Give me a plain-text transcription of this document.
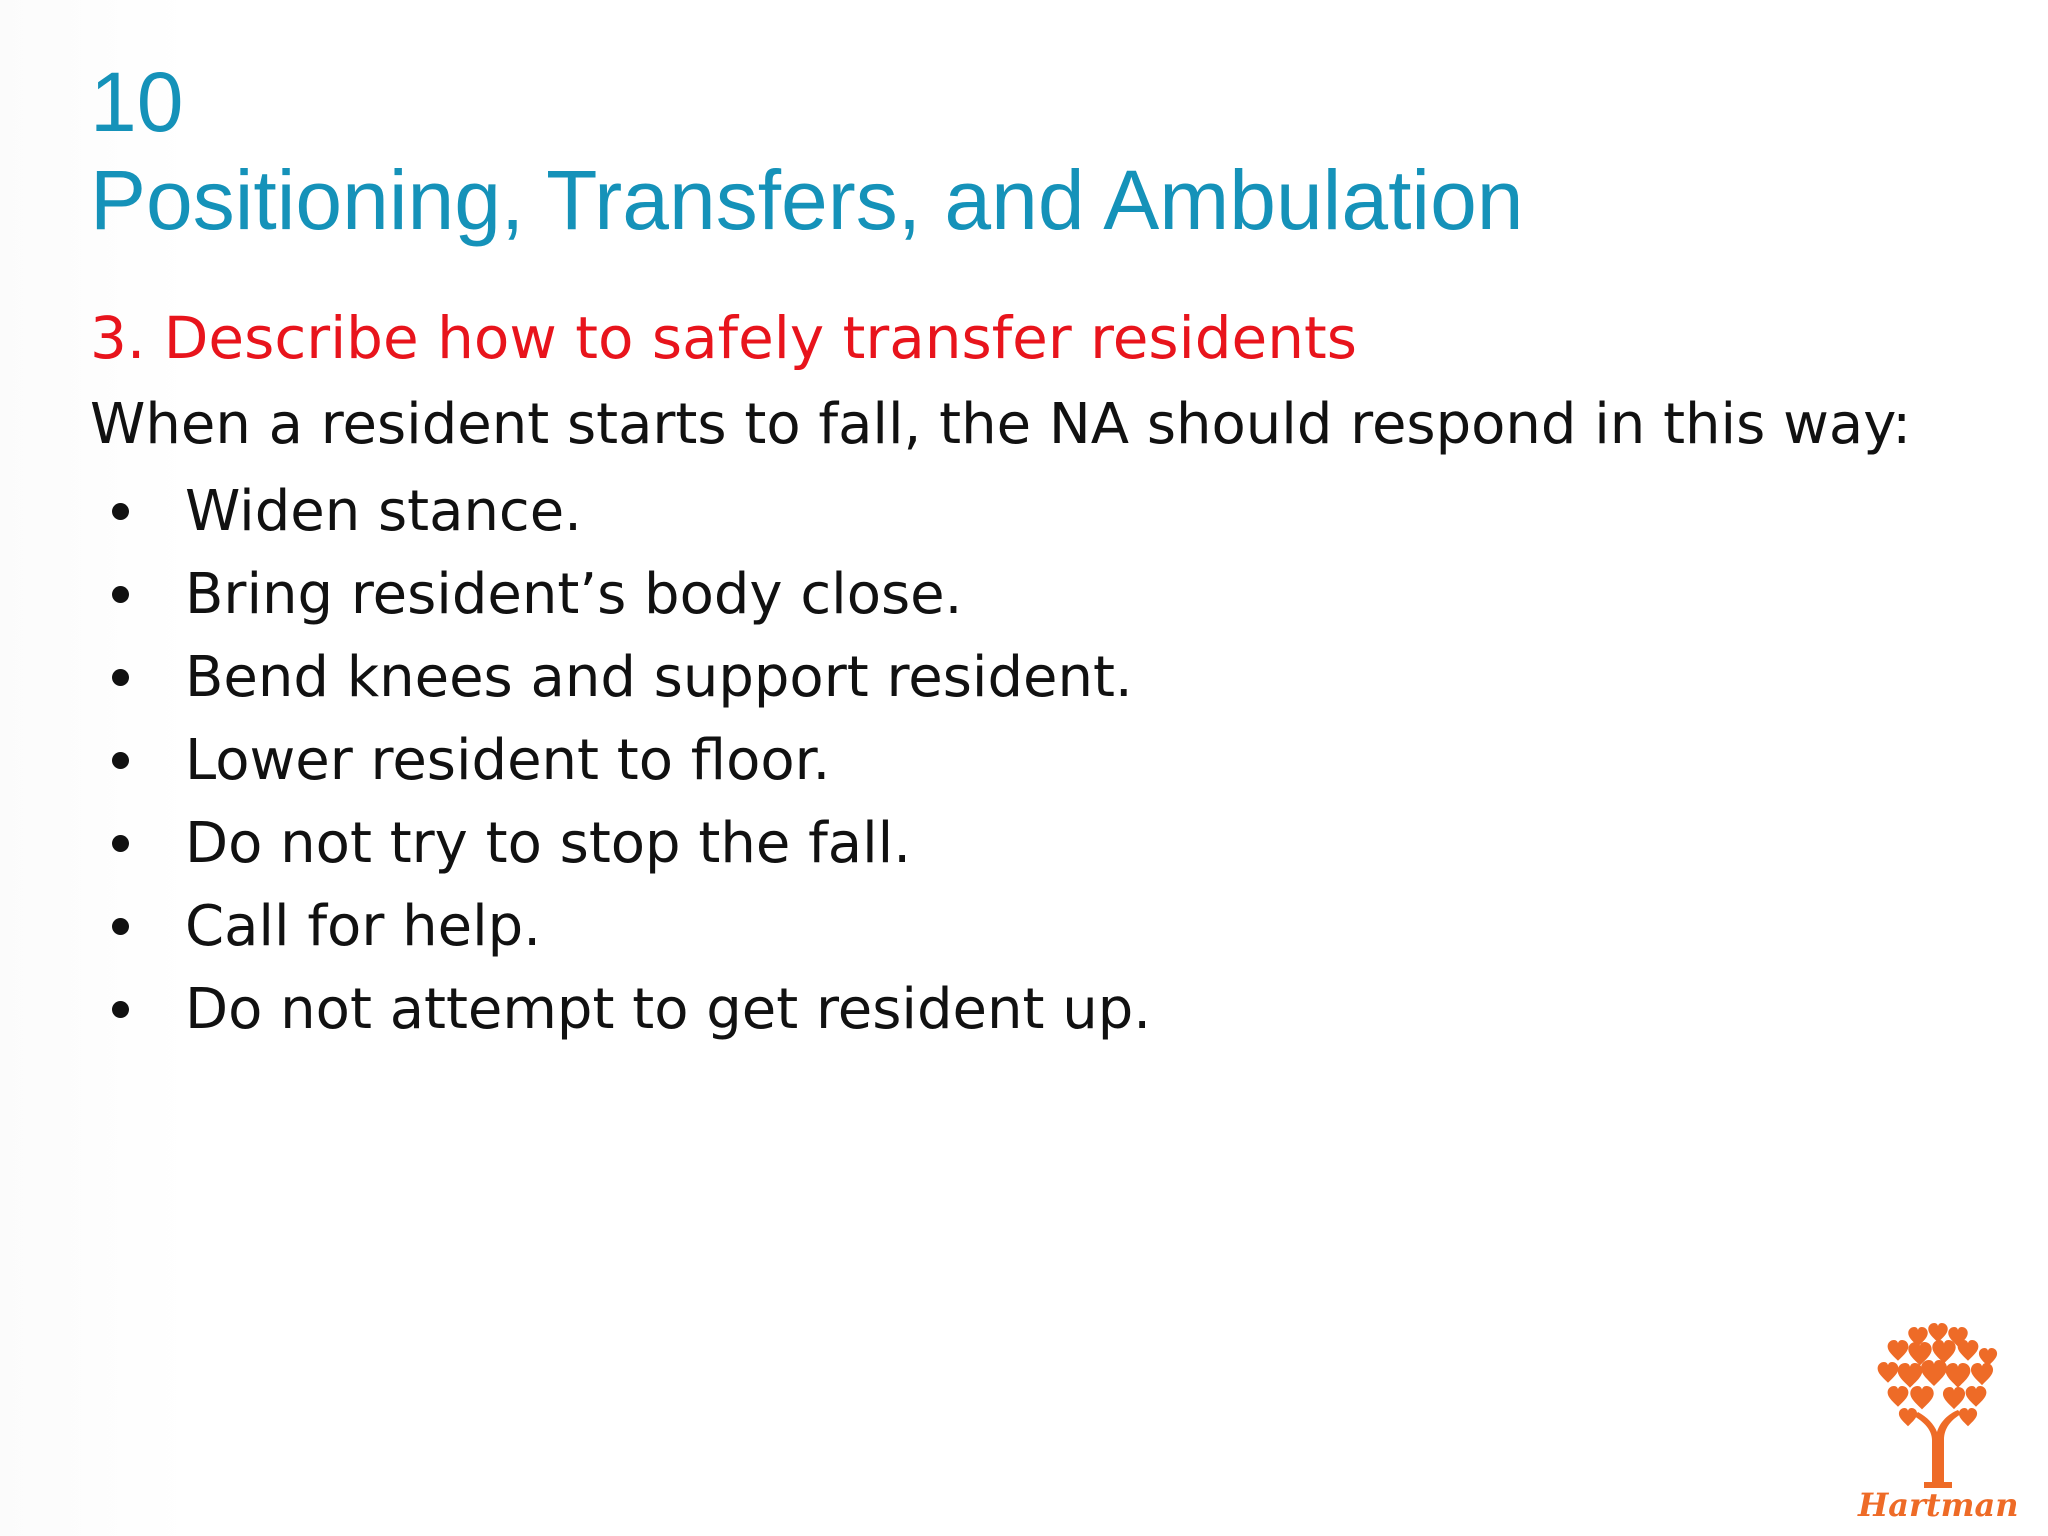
10
Positioning, Transfers, and Ambulation
3. Describe how to safely transfer residents
When a resident starts to fall, the NA should respond in this way:
Widen stance.
Bring resident’s body close.
Bend knees and support resident.
Lower resident to floor.
Do not try to stop the fall.
Call for help.
Do not attempt to get resident up.
Hartman
